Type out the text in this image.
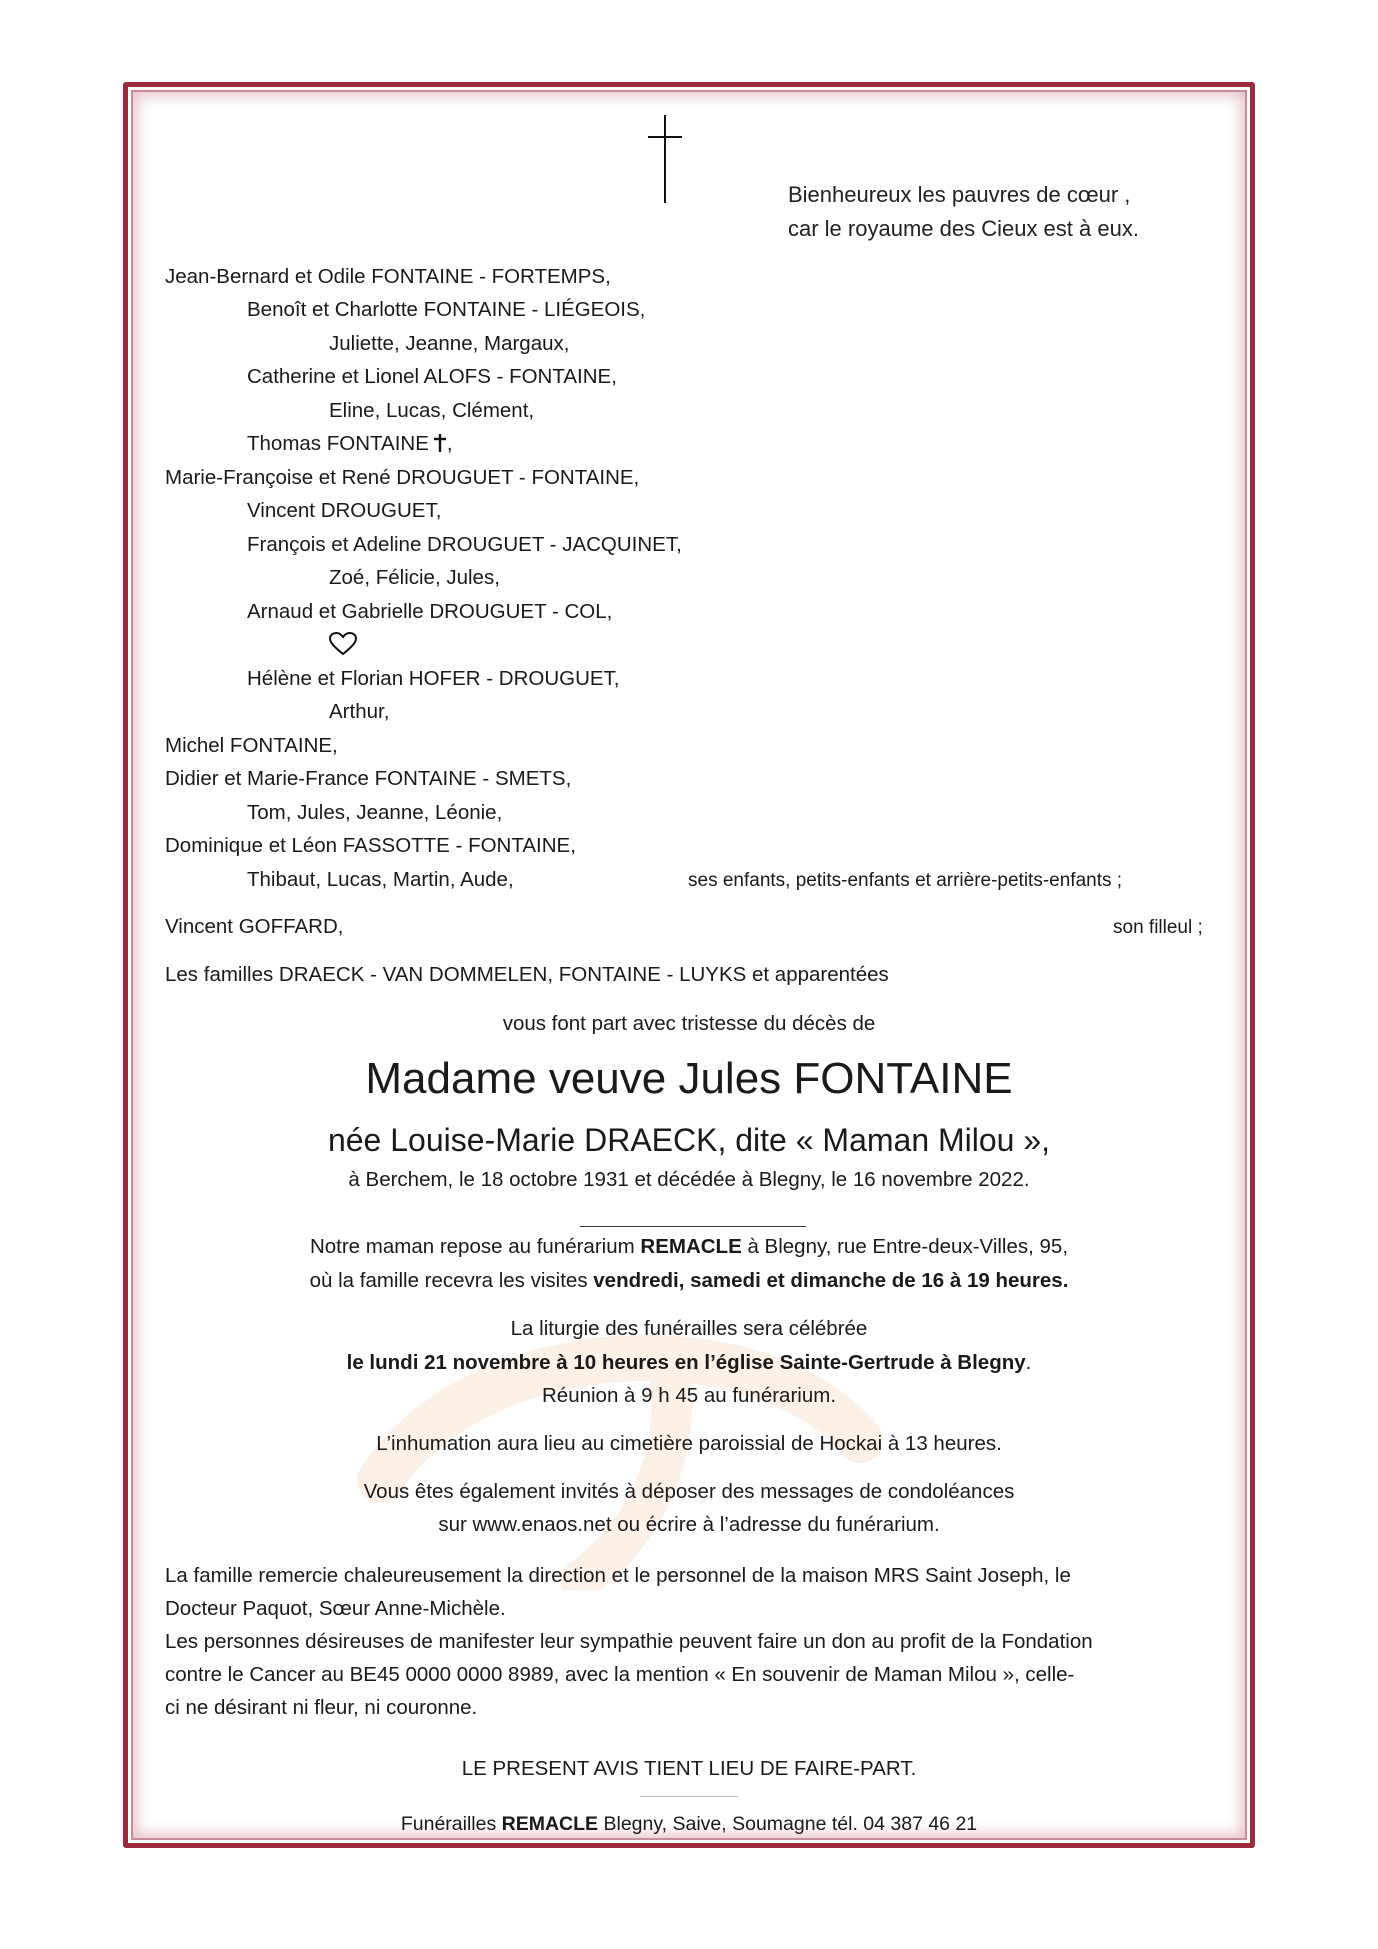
Bienheureux les pauvres de cœur ,
car le royaume des Cieux est à eux.
Jean-Bernard et Odile FONTAINE - FORTEMPS,
Benoît et Charlotte FONTAINE - LIÉGEOIS,
Juliette, Jeanne, Margaux,
Catherine et Lionel ALOFS - FONTAINE,
Eline, Lucas, Clément,
Thomas FONTAINE ,
Marie-Françoise et René DROUGUET - FONTAINE,
Vincent DROUGUET,
François et Adeline DROUGUET - JACQUINET,
Zoé, Félicie, Jules,
Arnaud et Gabrielle DROUGUET - COL,
Hélène et Florian HOFER - DROUGUET,
Arthur,
Michel FONTAINE,
Didier et Marie-France FONTAINE - SMETS,
Tom, Jules, Jeanne, Léonie,
Dominique et Léon FASSOTTE - FONTAINE,
Thibaut, Lucas, Martin, Aude,	ses enfants, petits-enfants et arrière-petits-enfants ;
Vincent GOFFARD,	son filleul ;
Les familles DRAECK - VAN DOMMELEN, FONTAINE - LUYKS et apparentées
vous font part avec tristesse du décès de
Madame veuve Jules FONTAINE
née Louise-Marie DRAECK, dite « Maman Milou »,
à Berchem, le 18 octobre 1931 et décédée à Blegny, le 16 novembre 2022.
Notre maman repose au funérarium REMACLE à Blegny, rue Entre-deux-Villes, 95,
où la famille recevra les visites vendredi, samedi et dimanche de 16 à 19 heures.
La liturgie des funérailles sera célébrée
le lundi 21 novembre à 10 heures en l’église Sainte-Gertrude à Blegny.
Réunion à 9 h 45 au funérarium.
L’inhumation aura lieu au cimetière paroissial de Hockai à 13 heures.
Vous êtes également invités à déposer des messages de condoléances
sur www.enaos.net ou écrire à l’adresse du funérarium.
La famille remercie chaleureusement la direction et le personnel de la maison MRS Saint Joseph, le
Docteur Paquot, Sœur Anne-Michèle.
Les personnes désireuses de manifester leur sympathie peuvent faire un don au profit de la Fondation
contre le Cancer au BE45 0000 0000 8989, avec la mention « En souvenir de Maman Milou », celle-
ci ne désirant ni fleur, ni couronne.
LE PRESENT AVIS TIENT LIEU DE FAIRE-PART.
Funérailles REMACLE Blegny, Saive, Soumagne tél. 04 387 46 21
